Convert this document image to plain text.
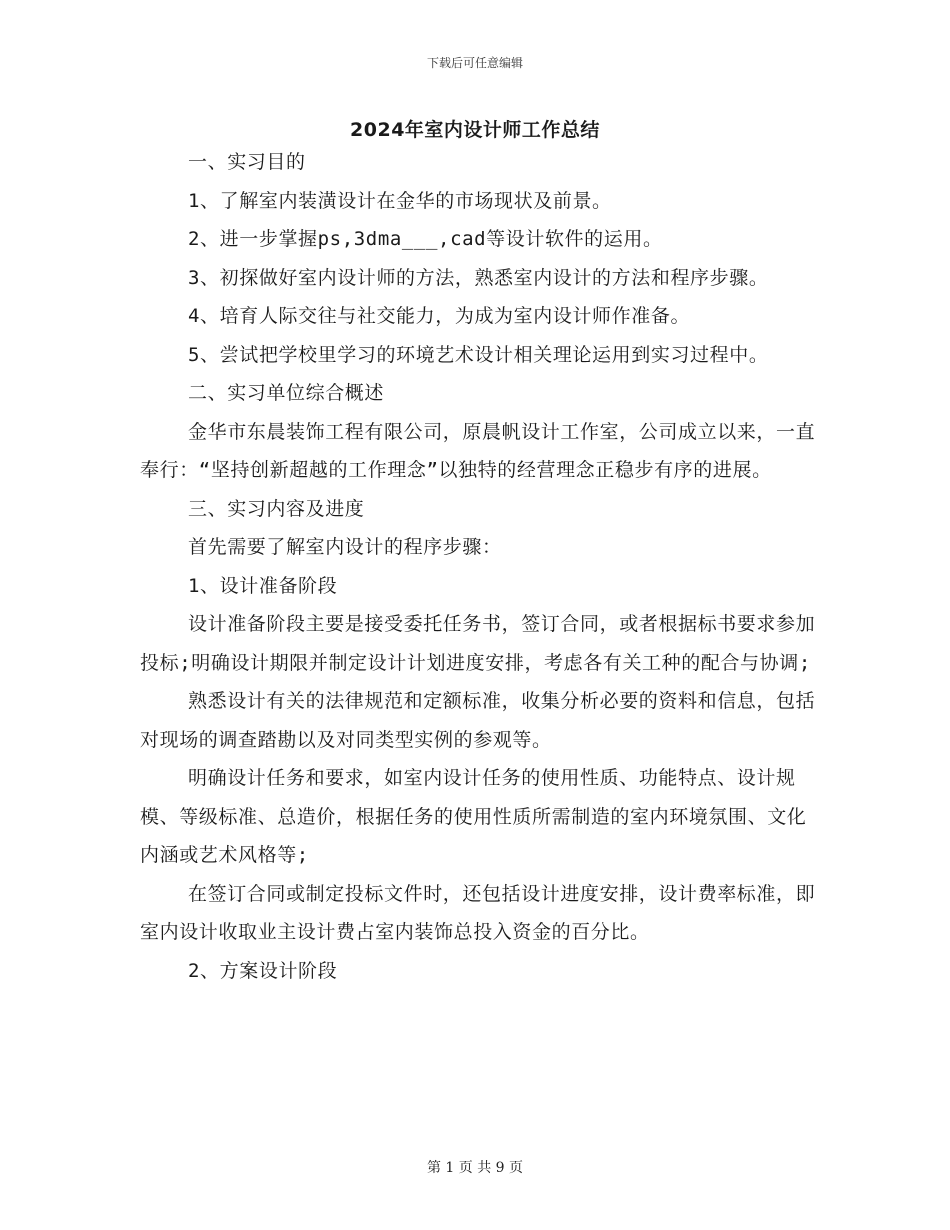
下载后可任意编辑
2024年室内设计师工作总结

一、实习目的

1、了解室内装潢设计在金华的市场现状及前景。

2、进一步掌握ps,3dma___,cad等设计软件的运用。

3、初探做好室内设计师的方法，熟悉室内设计的方法和程序步骤。

4、培育人际交往与社交能力，为成为室内设计师作准备。

5、尝试把学校里学习的环境艺术设计相关理论运用到实习过程中。

二、实习单位综合概述

金华市东晨装饰工程有限公司，原晨帆设计工作室，公司成立以来，一直奉行：“坚持创新超越的工作理念”以独特的经营理念正稳步有序的进展。

三、实习内容及进度

首先需要了解室内设计的程序步骤：

1、设计准备阶段

设计准备阶段主要是接受委托任务书，签订合同，或者根据标书要求参加投标;明确设计期限并制定设计计划进度安排，考虑各有关工种的配合与协调;

熟悉设计有关的法律规范和定额标准，收集分析必要的资料和信息，包括对现场的调查踏勘以及对同类型实例的参观等。

明确设计任务和要求，如室内设计任务的使用性质、功能特点、设计规模、等级标准、总造价，根据任务的使用性质所需制造的室内环境氛围、文化内涵或艺术风格等;

在签订合同或制定投标文件时，还包括设计进度安排，设计费率标准，即室内设计收取业主设计费占室内装饰总投入资金的百分比。

2、方案设计阶段

第 1 页 共 9 页
